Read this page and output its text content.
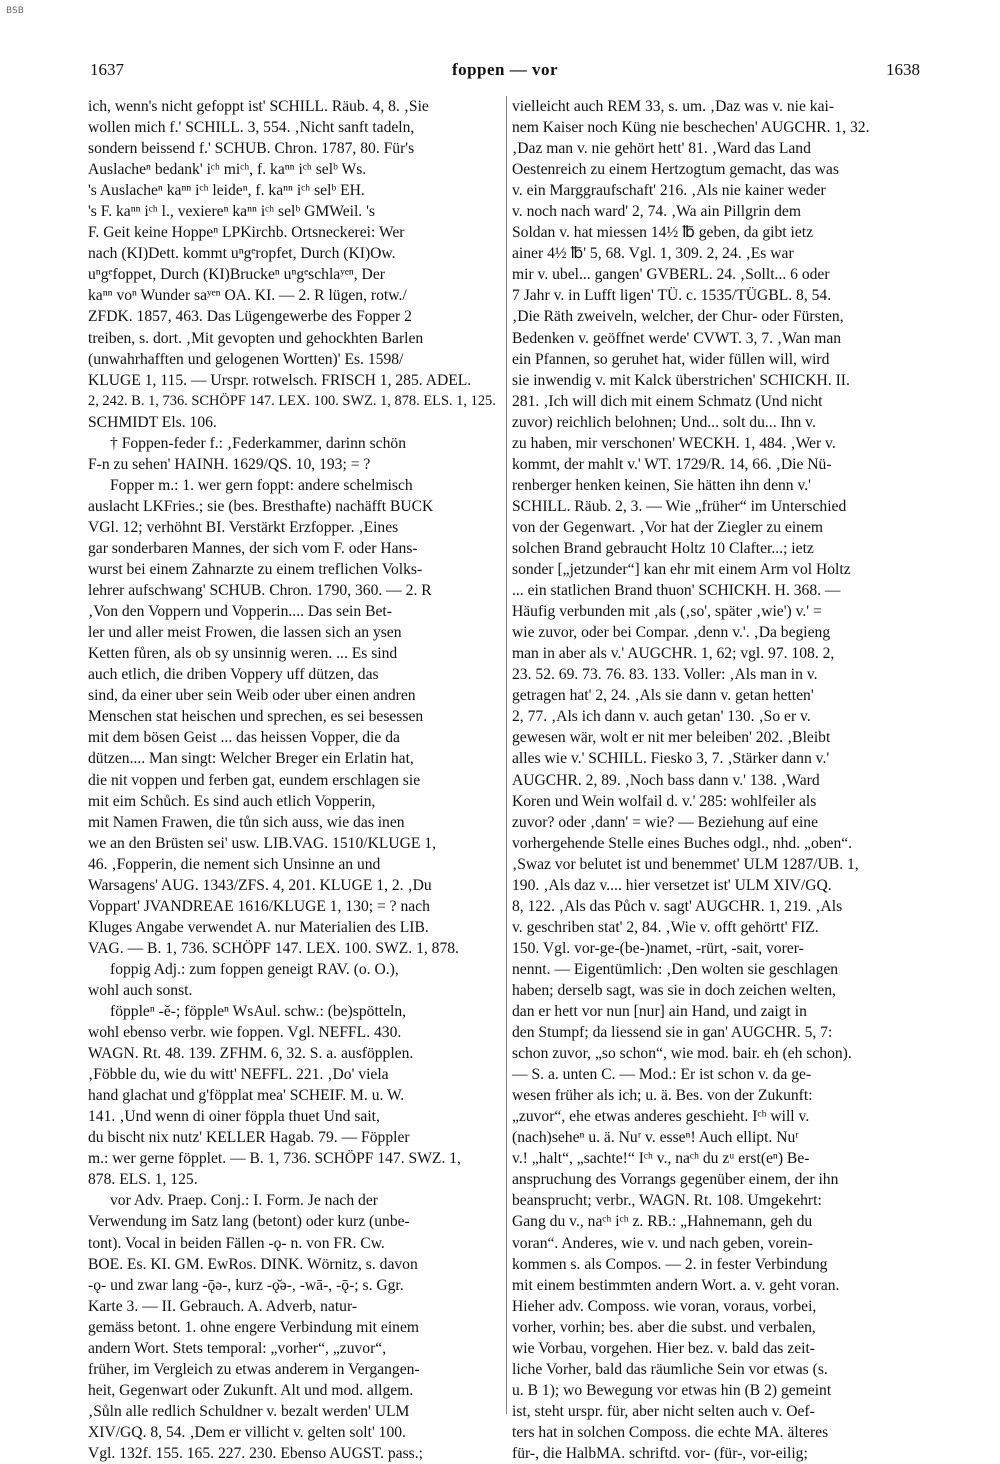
BSB
1637	foppen — vor	1638
ich, wenn's nicht gefoppt ist' SCHILL. Räub. 4, 8. ‚Sie
wollen mich f.' SCHILL. 3, 554. ‚Nicht sanft tadeln,
sondern beissend f.' SCHUB. Chron. 1787, 80. Für's
Auslacheⁿ bedank' iᶜʰ miᶜʰ, f. kaⁿⁿ iᶜʰ selᵇ Ws.
's Auslacheⁿ kaⁿⁿ iᶜʰ leideⁿ, f. kaⁿⁿ iᶜʰ selᵇ EH.
's F. kaⁿⁿ iᶜʰ l., vexiereⁿ kaⁿⁿ iᶜʰ selᵇ GMWeil. 's
F. Geit keine Hoppeⁿ LPKirchb. Ortsneckerei: Wer
nach (KI)Dett. kommt uⁿgᵉropfet, Durch (KI)Ow.
uⁿgᵉfoppet, Durch (KI)Bruckeⁿ uⁿgᵉschlaʸᵉⁿ, Der
kaⁿⁿ voⁿ Wunder saʸᵉⁿ OA. KI. — 2. R lügen, rotw./
ZFDK. 1857, 463. Das Lügengewerbe des Fopper 2
treiben, s. dort. ‚Mit gevopten und gehockhten Barlen
(unwahrhafften und gelogenen Wortten)' Es. 1598/
KLUGE 1, 115. — Urspr. rotwelsch. FRISCH 1, 285. ADEL.
2, 242. B. 1, 736. SCHÖPF 147. LEX. 100. SWZ. 1, 878. ELS. 1, 125.
SCHMIDT Els. 106.
† Foppen-feder f.: ‚Federkammer, darinn schön
F-n zu sehen' HAINH. 1629/QS. 10, 193; = ?
Fopper m.: 1. wer gern foppt: andere schelmisch
auslacht LKFries.; sie (bes. Bresthafte) nachäfft BUCK
VGl. 12; verhöhnt BI. Verstärkt Erzfopper. ‚Eines
gar sonderbaren Mannes, der sich vom F. oder Hans-
wurst bei einem Zahnarzte zu einem treflichen Volks-
lehrer aufschwang' SCHUB. Chron. 1790, 360. — 2. R
‚Von den Voppern und Vopperin.... Das sein Bet-
ler und aller meist Frowen, die lassen sich an ysen
Ketten fůren, als ob sy unsinnig weren. ... Es sind
auch etlich, die driben Voppery uff dützen, das
sind, da einer uber sein Weib oder uber einen andren
Menschen stat heischen und sprechen, es sei besessen
mit dem bösen Geist ... das heissen Vopper, die da
dützen.... Man singt: Welcher Breger ein Erlatin hat,
die nit voppen und ferben gat, eundem erschlagen sie
mit eim Schůch. Es sind auch etlich Vopperin,
mit Namen Frawen, die tůn sich auss, wie das inen
we an den Brüsten sei' usw. LIB.VAG. 1510/KLUGE 1,
46. ‚Fopperin, die nement sich Unsinne an und
Warsagens' AUG. 1343/ZFS. 4, 201. KLUGE 1, 2. ‚Du
Voppart' JVANDREAE 1616/KLUGE 1, 130; = ? nach
Kluges Angabe verwendet A. nur Materialien des LIB.
VAG. — B. 1, 736. SCHÖPF 147. LEX. 100. SWZ. 1, 878.
foppig Adj.: zum foppen geneigt RAV. (o. O.),
wohl auch sonst.
föppleⁿ -ĕ-; föppleⁿ WsAul. schw.: (be)spötteln,
wohl ebenso verbr. wie foppen. Vgl. NEFFL. 430.
WAGN. Rt. 48. 139. ZFHM. 6, 32. S. a. ausföpplen.
‚Föbble du, wie du witt' NEFFL. 221. ‚Do' viela
hand glachat und g'föpplat mea' SCHEIF. M. u. W.
141. ‚Und wenn di oiner föppla thuet Und sait,
du bischt nix nutz' KELLER Hagab. 79. — Föppler
m.: wer gerne föpplet. — B. 1, 736. SCHÖPF 147. SWZ. 1,
878. ELS. 1, 125.
vor Adv. Praep. Conj.: I. Form. Je nach der
Verwendung im Satz lang (betont) oder kurz (unbe-
tont). Vocal in beiden Fällen -ǫ- n. von FR. Cw.
BOE. Es. KI. GM. EwRos. DINK. Wörnitz, s. davon
-ǫ- und zwar lang -ǭə-, kurz -ǫ̆ə-, -wā-, -ǭ-; s. Ggr.
Karte 3. — II. Gebrauch. A. Adverb, natur-
gemäss betont. 1. ohne engere Verbindung mit einem
andern Wort. Stets temporal: „vorher“, „zuvor“,
früher, im Vergleich zu etwas anderem in Vergangen-
heit, Gegenwart oder Zukunft. Alt und mod. allgem.
‚Sůln alle redlich Schuldner v. bezalt werden' ULM
XIV/GQ. 8, 54. ‚Dem er villicht v. gelten solt' 100.
Vgl. 132f. 155. 165. 227. 230. Ebenso AUGST. pass.;
vielleicht auch REM 33, s. um. ‚Daz was v. nie kai-
nem Kaiser noch Küng nie beschechen' AUGCHR. 1, 32.
‚Daz man v. nie gehört hett' 81. ‚Ward das Land
Oestenreich zu einem Hertzogtum gemacht, das was
v. ein Marggraufschaft' 216. ‚Als nie kainer weder
v. noch nach ward' 2, 74. ‚Wa ain Pillgrin dem
Soldan v. hat miessen 14½ ℔ geben, da gibt ietz
ainer 4½ ℔' 5, 68. Vgl. 1, 309. 2, 24. ‚Es war
mir v. ubel... gangen' GVBERL. 24. ‚Sollt... 6 oder
7 Jahr v. in Lufft ligen' TÜ. c. 1535/TÜGBL. 8, 54.
‚Die Räth zweiveln, welcher, der Chur- oder Fürsten,
Bedenken v. geöffnet werde' CVWT. 3, 7. ‚Wan man
ein Pfannen, so geruhet hat, wider füllen will, wird
sie inwendig v. mit Kalck überstrichen' SCHICKH. II.
281. ‚Ich will dich mit einem Schmatz (Und nicht
zuvor) reichlich belohnen; Und... solt du... Ihn v.
zu haben, mir verschonen' WECKH. 1, 484. ‚Wer v.
kommt, der mahlt v.' WT. 1729/R. 14, 66. ‚Die Nü-
renberger henken keinen, Sie hätten ihn denn v.'
SCHILL. Räub. 2, 3. — Wie „früher“ im Unterschied
von der Gegenwart. ‚Vor hat der Ziegler zu einem
solchen Brand gebraucht Holtz 10 Clafter...; ietz
sonder [„jetzunder“] kan ehr mit einem Arm vol Holtz
... ein statlichen Brand thuon' SCHICKH. H. 368. —
Häufig verbunden mit ‚als (‚so', später ‚wie') v.' =
wie zuvor, oder bei Compar. ‚denn v.'. ‚Da begieng
man in aber als v.' AUGCHR. 1, 62; vgl. 97. 108. 2,
23. 52. 69. 73. 76. 83. 133. Voller: ‚Als man in v.
getragen hat' 2, 24. ‚Als sie dann v. getan hetten'
2, 77. ‚Als ich dann v. auch getan' 130. ‚So er v.
gewesen wär, wolt er nit mer beleiben' 202. ‚Bleibt
alles wie v.' SCHILL. Fiesko 3, 7. ‚Stärker dann v.'
AUGCHR. 2, 89. ‚Noch bass dann v.' 138. ‚Ward
Koren und Wein wolfail d. v.' 285: wohlfeiler als
zuvor? oder ‚dann' = wie? — Beziehung auf eine
vorhergehende Stelle eines Buches odgl., nhd. „oben“.
‚Swaz vor belutet ist und benemmet' ULM 1287/UB. 1,
190. ‚Als daz v.... hier versetzet ist' ULM XIV/GQ.
8, 122. ‚Als das Půch v. sagt' AUGCHR. 1, 219. ‚Als
v. geschriben stat' 2, 84. ‚Wie v. offt gehörtt' FIZ.
150. Vgl. vor-ge-(be-)namet, -rürt, -sait, vorer-
nennt. — Eigentümlich: ‚Den wolten sie geschlagen
haben; derselb sagt, was sie in doch zeichen welten,
dan er hett vor nun [nur] ain Hand, und zaigt in
den Stumpf; da liessend sie in gan' AUGCHR. 5, 7:
schon zuvor, „so schon“, wie mod. bair. eh (eh schon).
— S. a. unten C. — Mod.: Er ist schon v. da ge-
wesen früher als ich; u. ä. Bes. von der Zukunft:
„zuvor“, ehe etwas anderes geschieht. Iᶜʰ will v.
(nach)seheⁿ u. ä. Nuʳ v. esseⁿ! Auch ellipt. Nuʳ
v.! „halt“, „sachte!“ Iᶜʰ v., naᶜʰ du zᵘ erst(eⁿ) Be-
anspruchung des Vorrangs gegenüber einem, der ihn
beansprucht; verbr., WAGN. Rt. 108. Umgekehrt:
Gang du v., naᶜʰ iᶜʰ z. RB.: „Hahnemann, geh du
voran“. Anderes, wie v. und nach geben, vorein-
kommen s. als Compos. — 2. in fester Verbindung
mit einem bestimmten andern Wort. a. v. geht voran.
Hieher adv. Composs. wie voran, voraus, vorbei,
vorher, vorhin; bes. aber die subst. und verbalen,
wie Vorbau, vorgehen. Hier bez. v. bald das zeit-
liche Vorher, bald das räumliche Sein vor etwas (s.
u. B 1); wo Bewegung vor etwas hin (B 2) gemeint
ist, steht urspr. für, aber nicht selten auch v. Oef-
ters hat in solchen Composs. die echte MA. älteres
für-, die HalbMA. schriftd. vor- (für-, vor-eilig;
